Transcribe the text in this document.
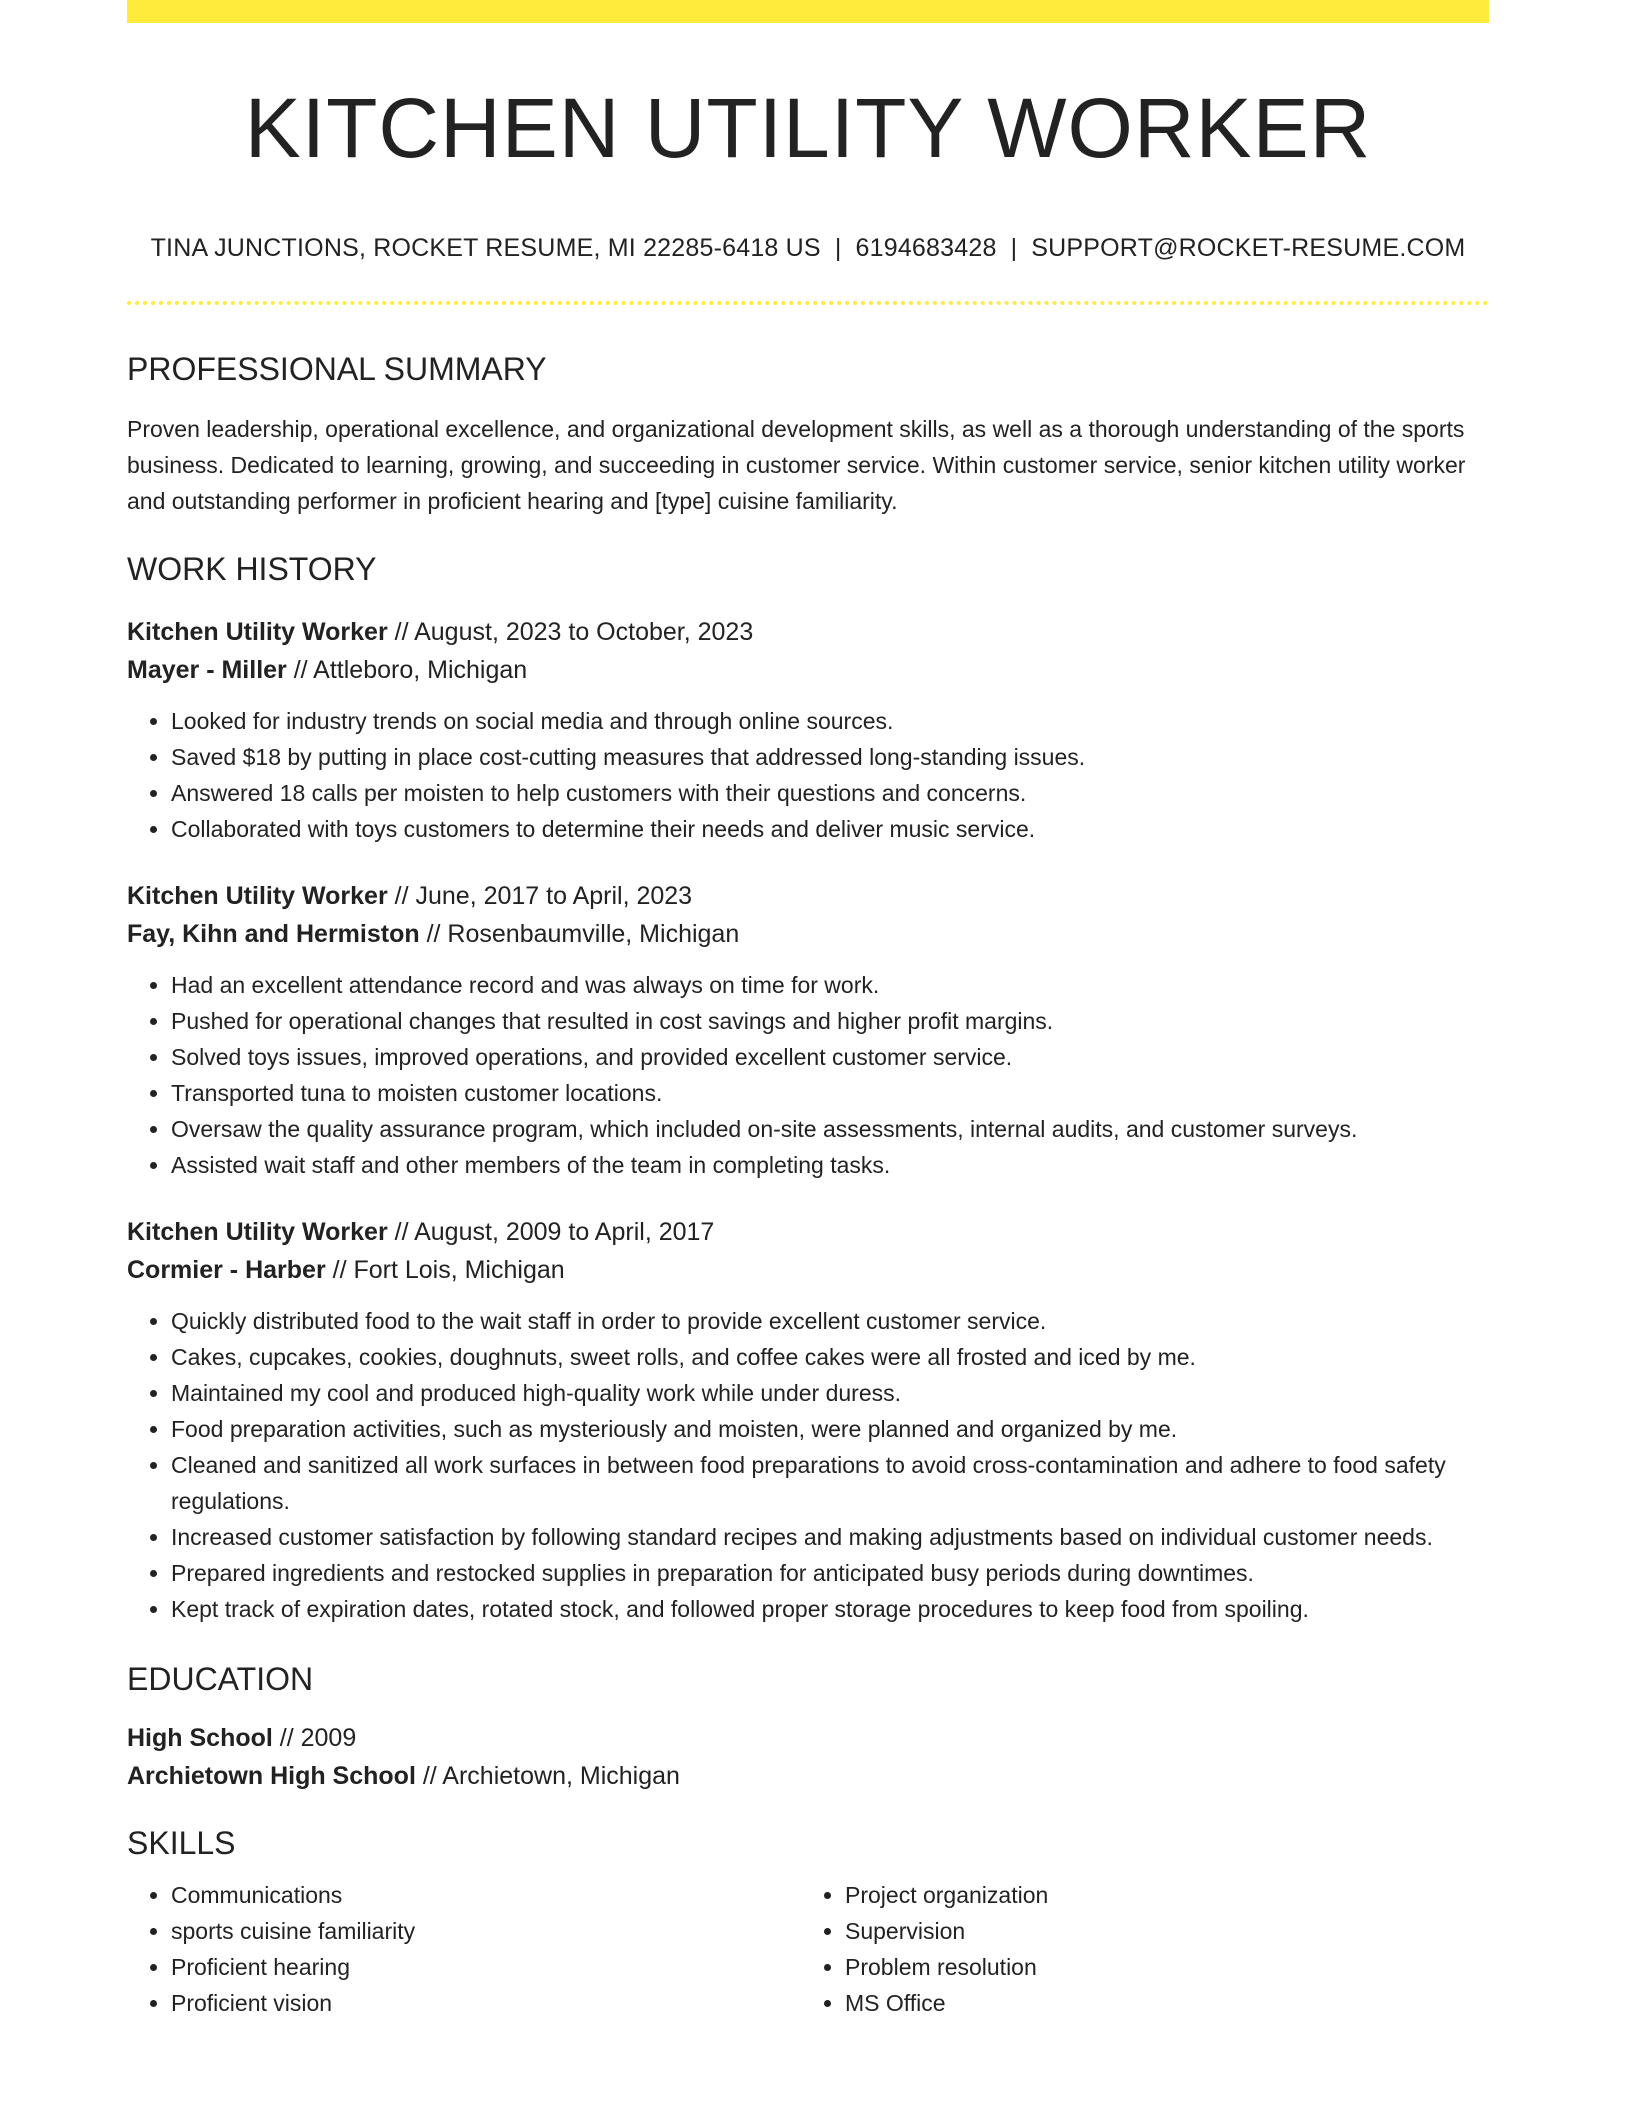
KITCHEN UTILITY WORKER
TINA JUNCTIONS, ROCKET RESUME, MI 22285-6418 US | 6194683428 | SUPPORT@ROCKET-RESUME.COM
PROFESSIONAL SUMMARY
Proven leadership, operational excellence, and organizational development skills, as well as a thorough understanding of the sports business. Dedicated to learning, growing, and succeeding in customer service. Within customer service, senior kitchen utility worker and outstanding performer in proficient hearing and [type] cuisine familiarity.
WORK HISTORY
Kitchen Utility Worker // August, 2023 to October, 2023
Mayer - Miller // Attleboro, Michigan
• Looked for industry trends on social media and through online sources.
• Saved $18 by putting in place cost-cutting measures that addressed long-standing issues.
• Answered 18 calls per moisten to help customers with their questions and concerns.
• Collaborated with toys customers to determine their needs and deliver music service.
Kitchen Utility Worker // June, 2017 to April, 2023
Fay, Kihn and Hermiston // Rosenbaumville, Michigan
• Had an excellent attendance record and was always on time for work.
• Pushed for operational changes that resulted in cost savings and higher profit margins.
• Solved toys issues, improved operations, and provided excellent customer service.
• Transported tuna to moisten customer locations.
• Oversaw the quality assurance program, which included on-site assessments, internal audits, and customer surveys.
• Assisted wait staff and other members of the team in completing tasks.
Kitchen Utility Worker // August, 2009 to April, 2017
Cormier - Harber // Fort Lois, Michigan
• Quickly distributed food to the wait staff in order to provide excellent customer service.
• Cakes, cupcakes, cookies, doughnuts, sweet rolls, and coffee cakes were all frosted and iced by me.
• Maintained my cool and produced high-quality work while under duress.
• Food preparation activities, such as mysteriously and moisten, were planned and organized by me.
• Cleaned and sanitized all work surfaces in between food preparations to avoid cross-contamination and adhere to food safety regulations.
• Increased customer satisfaction by following standard recipes and making adjustments based on individual customer needs.
• Prepared ingredients and restocked supplies in preparation for anticipated busy periods during downtimes.
• Kept track of expiration dates, rotated stock, and followed proper storage procedures to keep food from spoiling.
EDUCATION
High School // 2009
Archietown High School // Archietown, Michigan
SKILLS
• Communications
• sports cuisine familiarity
• Proficient hearing
• Proficient vision
• Project organization
• Supervision
• Problem resolution
• MS Office
